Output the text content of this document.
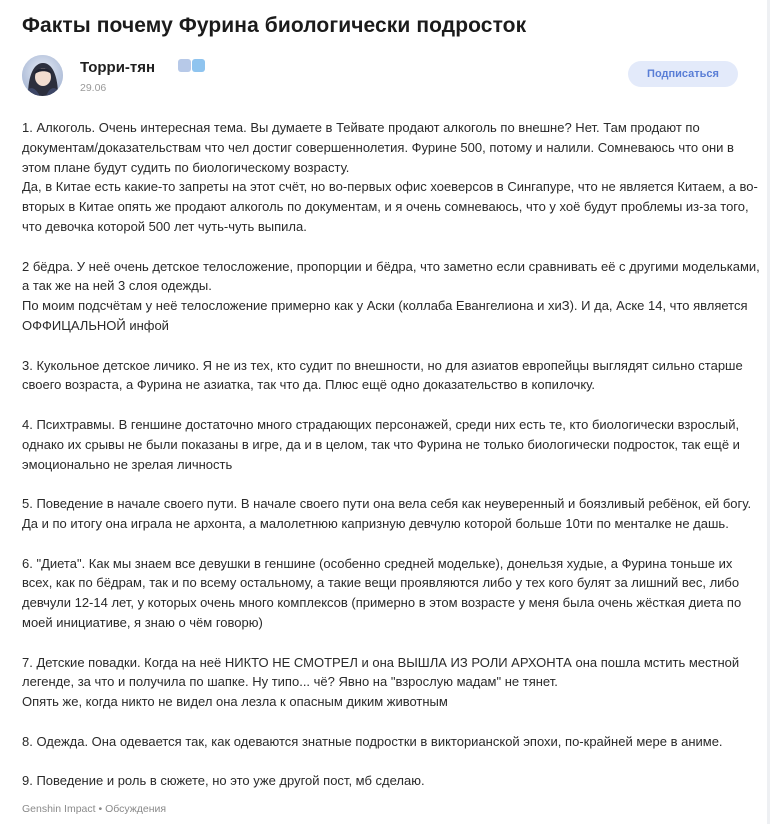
Факты почему Фурина биологически подросток
Торри-тян
29.06
Подписаться

1. Алкоголь. Очень интересная тема. Вы думаете в Тейвате продают алкоголь по внешне? Нет. Там продают по
документам/доказательствам что чел достиг совершеннолетия. Фурине 500, потому и налили. Сомневаюсь что они в
этом плане будут судить по биологическому возрасту.
Да, в Китае есть какие-то запреты на этот счёт, но во-первых офис хоеверсов в Сингапуре, что не является Китаем, а во-
вторых в Китае опять же продают алкоголь по документам, и я очень сомневаюсь, что у хоё будут проблемы из-за того,
что девочка которой 500 лет чуть-чуть выпила.

2 бёдра. У неё очень детское телосложение, пропорции и бёдра, что заметно если сравнивать её с другими модельками,
а так же на ней 3 слоя одежды.
По моим подсчётам у неё телосложение примерно как у Аски (коллаба Евангелиона и хиЗ). И да, Аске 14, что является
ОФФИЦАЛЬНОЙ инфой

3. Кукольное детское личико. Я не из тех, кто судит по внешности, но для азиатов европейцы выглядят сильно старше
своего возраста, а Фурина не азиатка, так что да. Плюс ещё одно доказательство в копилочку.

4. Психтравмы. В геншине достаточно много страдающих персонажей, среди них есть те, кто биологически взрослый,
однако их срывы не были показаны в игре, да и в целом, так что Фурина не только биологически подросток, так ещё и
эмоционально не зрелая личность

5. Поведение в начале своего пути. В начале своего пути она вела себя как неуверенный и боязливый ребёнок, ей богу.
Да и по итогу она играла не архонта, а малолетнюю капризную девчулю которой больше 10ти по менталке не дашь.

6. "Диета". Как мы знаем все девушки в геншине (особенно средней модельке), донельзя худые, а Фурина тоньше их
всех, как по бёдрам, так и по всему остальному, а такие вещи проявляются либо у тех кого булят за лишний вес, либо
девчули 12-14 лет, у которых очень много комплексов (примерно в этом возрасте у меня была очень жёсткая диета по
моей инициативе, я знаю о чём говорю)

7. Детские повадки. Когда на неё НИКТО НЕ СМОТРЕЛ и она ВЫШЛА ИЗ РОЛИ АРХОНТА она пошла мстить местной
легенде, за что и получила по шапке. Ну типо... чё? Явно на "взрослую мадам" не тянет.
Опять же, когда никто не видел она лезла к опасным диким животным

8. Одежда. Она одевается так, как одеваются знатные подростки в викторианской эпохи, по-крайней мере в аниме.

9. Поведение и роль в сюжете, но это уже другой пост, мб сделаю.

Genshin Impact • Обсуждения
